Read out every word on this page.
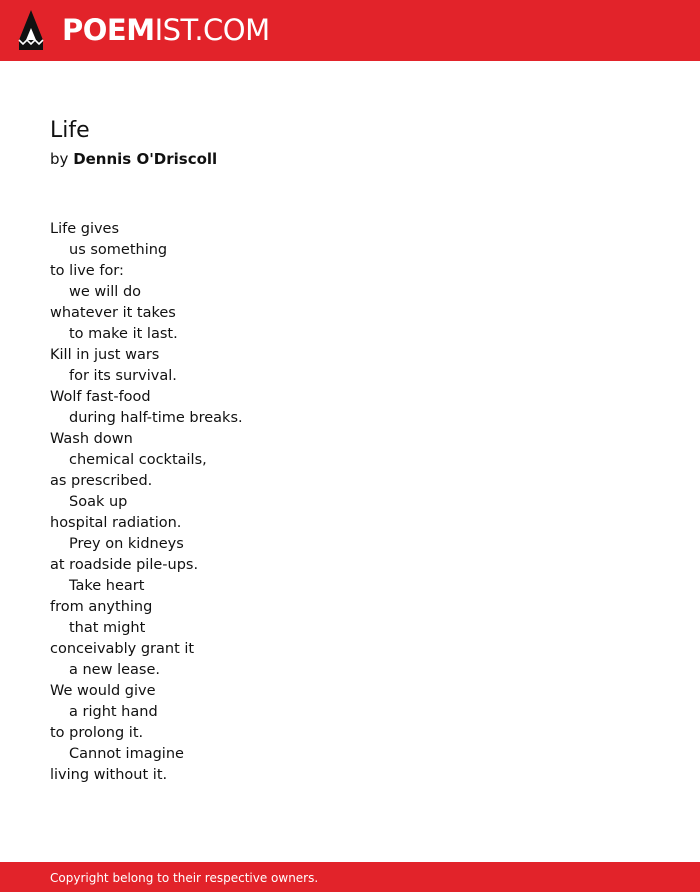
POEMIST.COM
Life
by Dennis O'Driscoll
Life gives
us something
to live for:
we will do
whatever it takes
to make it last.
Kill in just wars
for its survival.
Wolf fast-food
during half-time breaks.
Wash down
chemical cocktails,
as prescribed.
Soak up
hospital radiation.
Prey on kidneys
at roadside pile-ups.
Take heart
from anything
that might
conceivably grant it
a new lease.
We would give
a right hand
to prolong it.
Cannot imagine
living without it.
Copyright belong to their respective owners.
